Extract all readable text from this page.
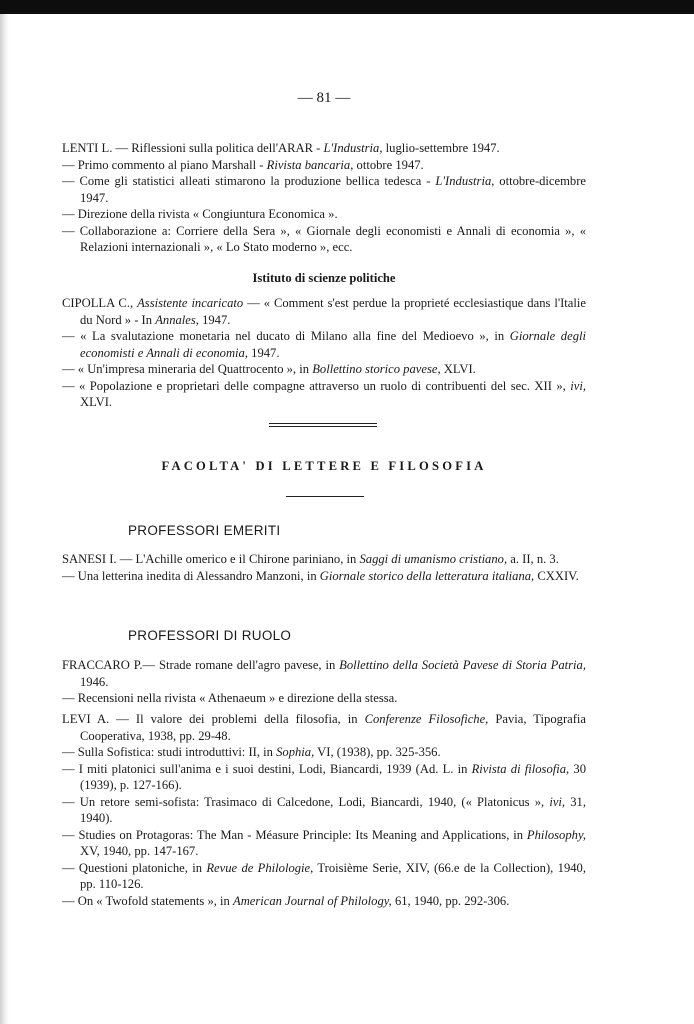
— 81 —
LENTI L. — Riflessioni sulla politica dell'ARAR - L'Industria, luglio-settembre 1947.
— Primo commento al piano Marshall - Rivista bancaria, ottobre 1947.
— Come gli statistici alleati stimarono la produzione bellica tedesca - L'Industria, ottobre-dicembre 1947.
— Direzione della rivista « Congiuntura Economica ».
— Collaborazione a: Corriere della Sera », « Giornale degli economisti e Annali di economia », « Relazioni internazionali », « Lo Stato moderno », ecc.
Istituto di scienze politiche
CIPOLLA C., Assistente incaricato — « Comment s'est perdue la proprieté ecclesiastique dans l'Italie du Nord » - In Annales, 1947.
— « La svalutazione monetaria nel ducato di Milano alla fine del Medioevo », in Giornale degli economisti e Annali di economia, 1947.
— « Un'impresa mineraria del Quattrocento », in Bollettino storico pavese, XLVI.
— « Popolazione e proprietari delle compagne attraverso un ruolo di contribuenti del sec. XII », ivi, XLVI.
FACOLTA' DI LETTERE E FILOSOFIA
PROFESSORI EMERITI
SANESI I. — L'Achille omerico e il Chirone pariniano, in Saggi di umanismo cristiano, a. II, n. 3.
— Una letterina inedita di Alessandro Manzoni, in Giornale storico della letteratura italiana, CXXIV.
PROFESSORI DI RUOLO
FRACCARO P.— Strade romane dell'agro pavese, in Bollettino della Società Pavese di Storia Patria, 1946.
— Recensioni nella rivista « Athenaeum » e direzione della stessa.
LEVI A. — Il valore dei problemi della filosofia, in Conferenze Filosofiche, Pavia, Tipografia Cooperativa, 1938, pp. 29-48.
— Sulla Sofistica: studi introduttivi: II, in Sophia, VI, (1938), pp. 325-356.
— I miti platonici sull'anima e i suoi destini, Lodi, Biancardi, 1939 (Ad. L. in Rivista di filosofia, 30 (1939), p. 127-166).
— Un retore semi-sofista: Trasimaco di Calcedone, Lodi, Biancardi, 1940, (« Platonicus », ivi, 31, 1940).
— Studies on Protagoras: The Man - Méasure Principle: Its Meaning and Applications, in Philosophy, XV, 1940, pp. 147-167.
— Questioni platoniche, in Revue de Philologie, Troisième Serie, XIV, (66.e de la Collection), 1940, pp. 110-126.
— On « Twofold statements », in American Journal of Philology, 61, 1940, pp. 292-306.
